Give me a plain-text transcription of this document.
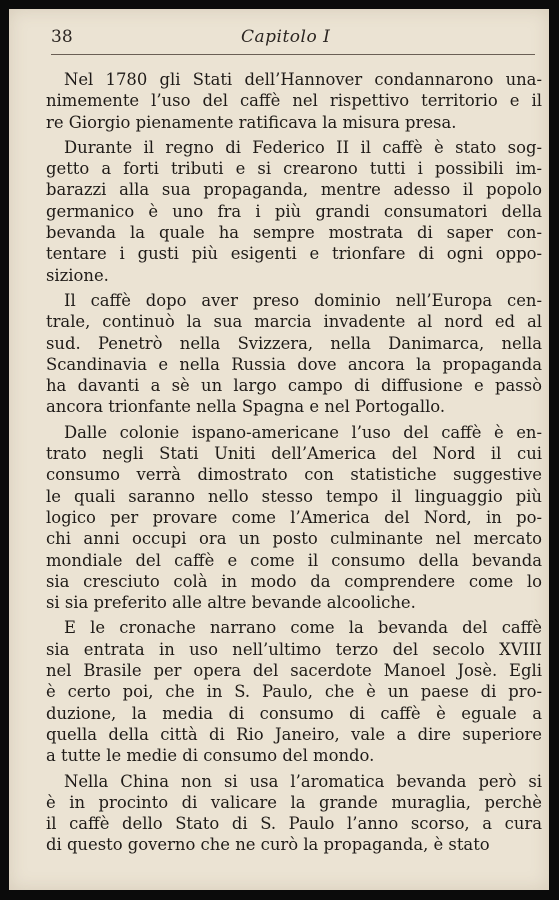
38	Capitolo I
Nel 1780 gli Stati dell’Hannover condannarono una-
nimemente l’uso del caffè nel rispettivo territorio e il
re Giorgio pienamente ratificava la misura presa.
Durante il regno di Federico II il caffè è stato sog-
getto a forti tributi e si crearono tutti i possibili im-
barazzi alla sua propaganda, mentre adesso il popolo
germanico è uno fra i più grandi consumatori della
bevanda la quale ha sempre mostrata di saper con-
tentare i gusti più esigenti e trionfare di ogni oppo-
sizione.
Il caffè dopo aver preso dominio nell’Europa cen-
trale, continuò la sua marcia invadente al nord ed al
sud. Penetrò nella Svizzera, nella Danimarca, nella
Scandinavia e nella Russia dove ancora la propaganda
ha davanti a sè un largo campo di diffusione e passò
ancora trionfante nella Spagna e nel Portogallo.
Dalle colonie ispano-americane l’uso del caffè è en-
trato negli Stati Uniti dell’America del Nord il cui
consumo verrà dimostrato con statistiche suggestive
le quali saranno nello stesso tempo il linguaggio più
logico per provare come l’America del Nord, in po-
chi anni occupi ora un posto culminante nel mercato
mondiale del caffè e come il consumo della bevanda
sia cresciuto colà in modo da comprendere come lo
si sia preferito alle altre bevande alcooliche.
E le cronache narrano come la bevanda del caffè
sia entrata in uso nell’ultimo terzo del secolo XVIII
nel Brasile per opera del sacerdote Manoel Josè. Egli
è certo poi, che in S. Paulo, che è un paese di pro-
duzione, la media di consumo di caffè è eguale a
quella della città di Rio Janeiro, vale a dire superiore
a tutte le medie di consumo del mondo.
Nella China non si usa l’aromatica bevanda però si
è in procinto di valicare la grande muraglia, perchè
il caffè dello Stato di S. Paulo l’anno scorso, a cura
di questo governo che ne curò la propaganda, è stato
